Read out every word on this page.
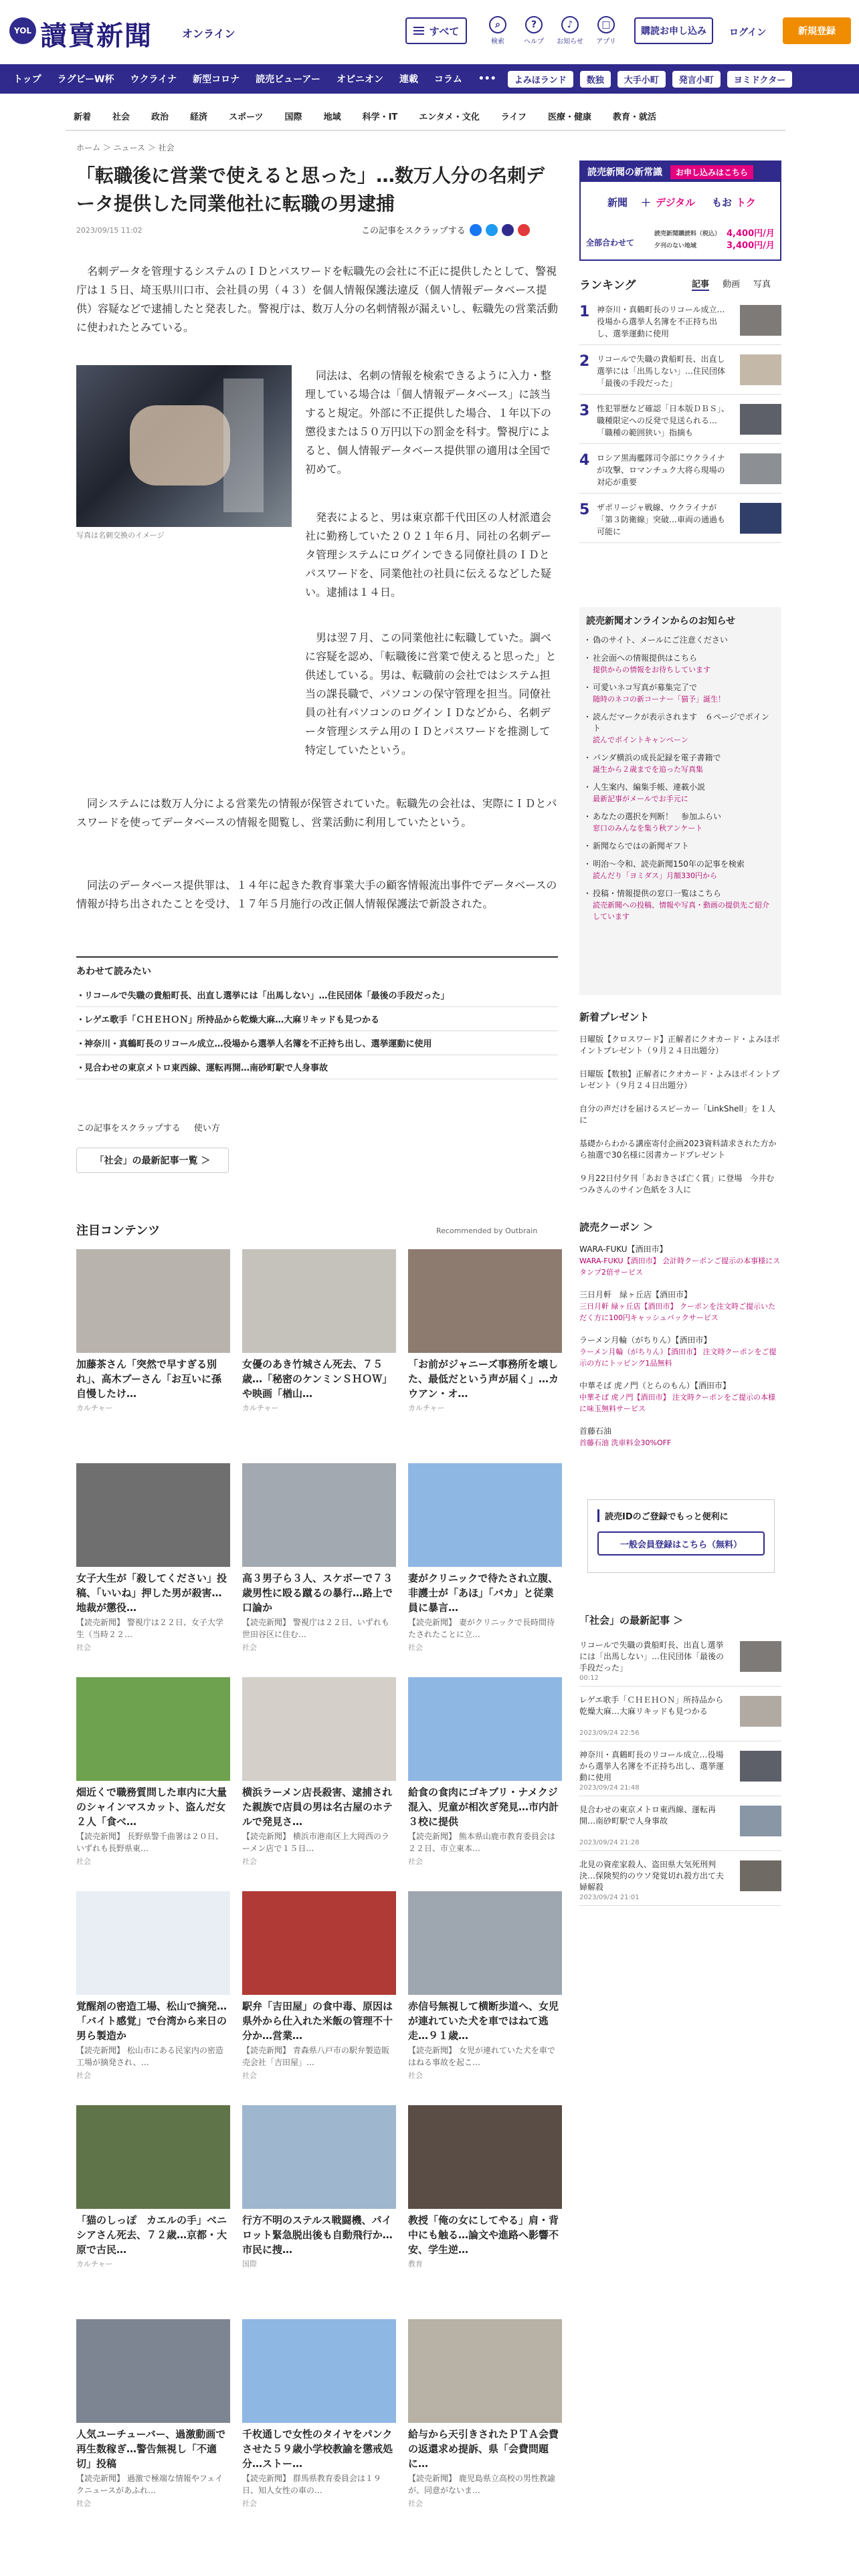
YOL 讀賣新聞	オンライン	すべて
⌕
検索
?
ヘルプ
♪
お知らせ
□
アプリ
購読お申し込み	ログイン	新規登録
トップ	ラグビーW杯	ウクライナ	新型コロナ	読売ビューアー	オピニオン	連載	コラム	•••	よみほランド	数独	大手小町	発言小町	ヨミドクター
新着	社会	政治	経済	スポーツ	国際	地域	科学・IT	エンタメ・文化	ライフ	医療・健康	教育・就活
ホーム ＞ ニュース ＞ 社会
「転職後に営業で使えると思った」…数万人分の名刺データ提供した同業他社に転職の男逮捕
2023/09/15 11:02	この記事をスクラップする

名刺データを管理するシステムのＩＤとパスワードを転職先の会社に不正に提供したとして、警視庁は１５日、埼玉県川口市、会社員の男（４３）を個人情報保護法違反（個人情報データベース提供）容疑などで逮捕したと発表した。警視庁は、数万人分の名刺情報が漏えいし、転職先の営業活動に使われたとみている。

写真は名刺交換のイメージ

同法は、名刺の情報を検索できるように入力・整理している場合は「個人情報データベース」に該当すると規定。外部に不正提供した場合、１年以下の懲役または５０万円以下の罰金を科す。警視庁によると、個人情報データベース提供罪の適用は全国で初めて。

発表によると、男は東京都千代田区の人材派遣会社に勤務していた２０２１年６月、同社の名刺データ管理システムにログインできる同僚社員のＩＤとパスワードを、同業他社の社員に伝えるなどした疑い。逮捕は１４日。

男は翌７月、この同業他社に転職していた。調べに容疑を認め、「転職後に営業で使えると思った」と供述している。男は、転職前の会社ではシステム担当の課長職で、パソコンの保守管理を担当。同僚社員の社有パソコンのログインＩＤなどから、名刺データ管理システム用のＩＤとパスワードを推測して特定していたという。

同システムには数万人分による営業先の情報が保管されていた。転職先の会社は、実際にＩＤとパスワードを使ってデータベースの情報を閲覧し、営業活動に利用していたという。

同法のデータベース提供罪は、１４年に起きた教育事業大手の顧客情報流出事件でデータベースの情報が持ち出されたことを受け、１７年５月施行の改正個人情報保護法で新設された。

あわせて読みたい
・ リコールで失職の貴船町長、出直し選挙には「出馬しない」…住民団体「最後の手段だった」
・ レゲエ歌手「ＣＨＥＨＯＮ」所持品から乾燥大麻…大麻リキッドも見つかる
・ 神奈川・真鶴町長のリコール成立…役場から選挙人名簿を不正持ち出し、選挙運動に使用
・ 見合わせの東京メトロ東西線、運転再開…南砂町駅で人身事故
この記事をスクラップする 使い方
「社会」の最新記事一覧 ＞
注目コンテンツ	Recommended by Outbrain
加藤茶さん「突然で早すぎる別れ」、高木ブーさん「お互いに孫自慢したけ…
カルチャー
女優のあき竹城さん死去、７５歳…「秘密のケンミンＳＨＯＷ」や映画「楢山…
カルチャー
「お前がジャニーズ事務所を壊した、最低だという声が届く」…カウアン・オ…
カルチャー
女子大生が「殺してください」投稿、「いいね」押した男が殺害…地裁が懲役…
【読売新聞】 警視庁は２２日、女子大学生（当時２２…
社会
高３男子ら３人、スケボーで７３歳男性に殴る蹴るの暴行…路上で口論か
【読売新聞】 警視庁は２２日、いずれも世田谷区に住む…
社会
妻がクリニックで待たされ立腹、非護士が「あほ」「バカ」と従業員に暴言…
【読売新聞】 妻がクリニックで長時間待たされたことに立…
社会
畑近くで職務質問した車内に大量のシャインマスカット、盗んだ女２人「食べ…
【読売新聞】 長野県警千曲署は２０日、いずれも長野県東…
社会
横浜ラーメン店長殺害、逮捕された親族で店員の男は名古屋のホテルで発見さ…
【読売新聞】 横浜市港南区上大岡西のラーメン店で１５日…
社会
給食の食肉にゴキブリ・ナメクジ混入、児童が相次ぎ発見…市内計３校に提供
【読売新聞】 熊本県山鹿市教育委員会は２２日、市立東本…
社会
覚醒剤の密造工場、松山で摘発…「バイト感覚」で台湾から来日の男ら製造か
【読売新聞】 松山市にある民家内の密造工場が摘発され、…
社会
駅弁「吉田屋」の食中毒、原因は県外から仕入れた米飯の管理不十分か…営業…
【読売新聞】 青森県八戸市の駅弁製造販売会社「吉田屋」…
社会
赤信号無視して横断歩道へ、女児が連れていた犬を車ではねて逃走…９１歳…
【読売新聞】 女児が連れていた犬を車ではねる事故を起こ…
社会
「猫のしっぽ　カエルの手」ベニシアさん死去、７２歳…京都・大原で古民…
カルチャー
行方不明のステルス戦闘機、パイロット緊急脱出後も自動飛行か…市民に捜…
国際
教授「俺の女にしてやる」肩・背中にも触る…論文や進路へ影響不安、学生逆…
教育
人気ユーチューバー、過激動画で再生数稼ぎ…警告無視し「不適切」投稿
【読売新聞】 過激で極端な情報やフェイクニュースがあふれ…
社会
千枚通しで女性のタイヤをパンクさせた５９歳小学校教諭を懲戒処分…ストー…
【読売新聞】 群馬県教育委員会は１９日、知人女性の車の…
社会
給与から天引きされたＰＴＡ会費の返還求め提訴、県「会費問題に…
【読売新聞】 鹿児島県立高校の男性教諭が、同意がないま…
社会
読売新聞の新常識	お申し込みはこちら
新聞 ＋ デジタル もお トク
全部合わせて
読売新聞購読料（税込）
夕刊のない地域
4,400円/月
3,400円/月
ランキング	記事 動画 写真
1 神奈川・真鶴町長のリコール成立…役場から選挙人名簿を不正持ち出し、選挙運動に使用
2 リコールで失職の貴船町長、出直し選挙には「出馬しない」…住民団体「最後の手段だった」
3 性犯罪歴など確認「日本版ＤＢＳ」、職種限定への反発で見送られる…「職種の範囲狭い」指摘も
4 ロシア黒海艦隊司令部にウクライナが攻撃、ロマンチュク大将ら現場の対応が重要
5 ザポリージャ戦線、ウクライナが「第３防衛線」突破…車両の通過も可能に
読売新聞オンラインからのお知らせ
・ 偽のサイト、メールにご注意ください
・ 社会面への情報提供はこちら
提供からの情報をお待ちしています
・ 可愛いネコ写真が募集完了で
随時のネコの新コーナー「猫予」誕生！
・ 読んだマークが表示されます　６ページでポイント
読んでポイントキャンペーン
・ パンダ横浜の成長記録を電子書籍で
誕生から２歳までを追った写真集
・ 人生案内、編集手帳、連載小説
最新記事がメールでお手元に
・ あなたの選択を判断！　参加ふらい
窓口のみんなを集う秋アンケート
・ 新聞ならではの新聞ギフト
・ 明治～令和、読売新聞150年の記事を検索
読んだり「ヨミダス」月額330円から
・ 投稿・情報提供の窓口一覧はこちら
読売新聞への投稿、情報や写真・動画の提供先ご紹介しています
新着プレゼント
日曜版【クロスワード】正解者にクオカード・よみほポイントプレゼント（９月２４日出題分）
日曜版【数独】正解者にクオカード・よみほポイントプレゼント（９月２４日出題分）
自分の声だけを届けるスピーカー「LinkShell」を１人に
基礎からわかる講座寄付企画2023資料請求された方から抽選で30名様に図書カードプレゼント
９月22日付夕刊「あおきさば亡く賞」に登場　今井むつみさんのサイン色紙を３人に
読売クーポン ＞
WARA-FUKU【酒田市】
WARA-FUKU【酒田市】 会計時クーポンご提示の本事様にスタンプ2倍サービス
三日月軒　緑ヶ丘店【酒田市】
三日月軒 緑ヶ丘店【酒田市】 クーポンを注文時ご提示いただく方に100円キャッシュバックサービス
ラーメン月輪（がちりん）【酒田市】
ラーメン月輪（がちりん）【酒田市】 注文時クーポンをご提示の方にトッピング1品無料
中華そば 虎ノ門（とらのもん）【酒田市】
中華そば 虎ノ門【酒田市】 注文時クーポンをご提示の本様に味玉無料サービス
首藤石油
首藤石油 洗車料金30%OFF
読売IDのご登録でもっと便利に
一般会員登録はこちら（無料）
「社会」の最新記事 ＞
リコールで失職の貴船町長、出直し選挙には「出馬しない」…住民団体「最後の手段だった」
00:12
レゲエ歌手「ＣＨＥＨＯＮ」所持品から乾燥大麻…大麻リキッドも見つかる
2023/09/24 22:56
神奈川・真鶴町長のリコール成立…役場から選挙人名簿を不正持ち出し、選挙運動に使用
2023/09/24 21:48
見合わせの東京メトロ東西線、運転再開…南砂町駅で人身事故
2023/09/24 21:28
北見の資産家殺人、盗田県大気死刑判決…保険契約のウソ発覚切れ殺方出て夫婦解殺
2023/09/24 21:01
